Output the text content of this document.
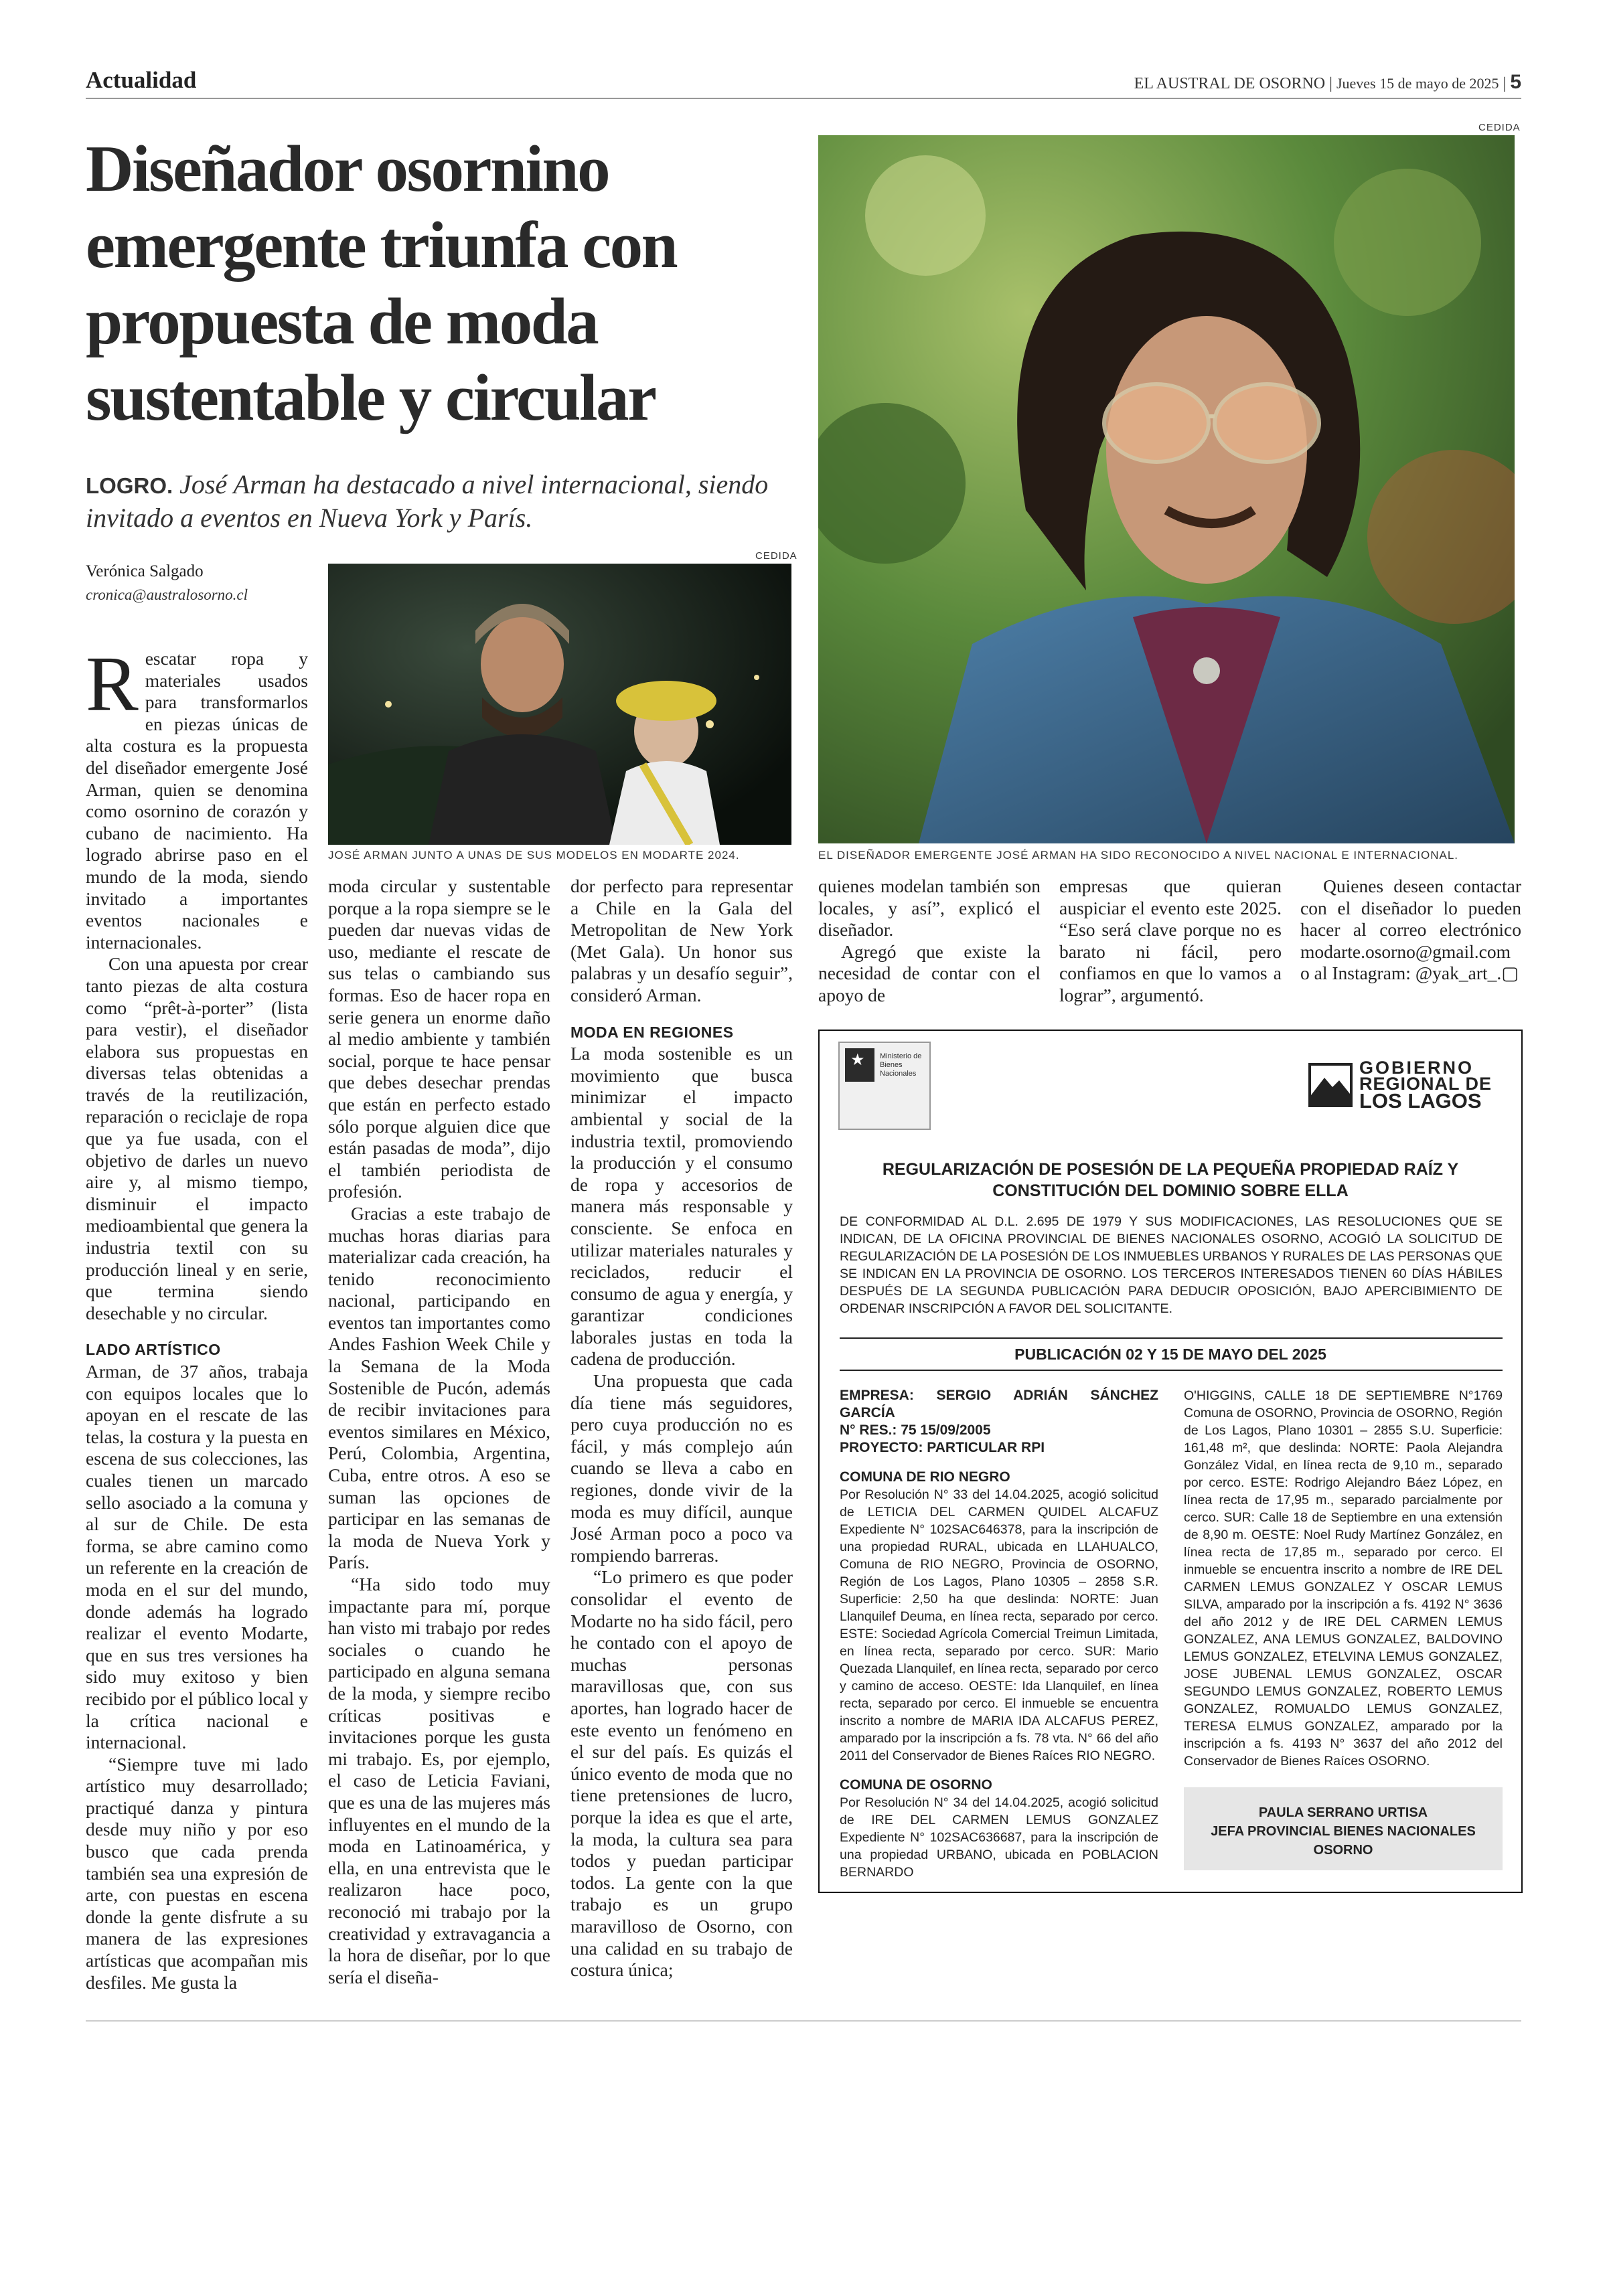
Actualidad	EL AUSTRAL DE OSORNO | Jueves 15 de mayo de 2025 | 5
Diseñador osornino
emergente triunfa con
propuesta de moda
sustentable y circular
LOGRO. José Arman ha destacado a nivel internacional, siendo invitado a eventos en Nueva York y París.
Verónica Salgado
cronica@australosorno.cl
CEDIDA
JOSÉ ARMAN JUNTO A UNAS DE SUS MODELOS EN MODARTE 2024.
CEDIDA
EL DISEÑADOR EMERGENTE JOSÉ ARMAN HA SIDO RECONOCIDO A NIVEL NACIONAL E INTERNACIONAL.
R escatar ropa y materiales usados para transformarlos en piezas únicas de alta costura es la propuesta del diseñador emergente José Arman, quien se denomina como osornino de corazón y cubano de nacimiento. Ha logrado abrirse paso en el mundo de la moda, siendo invitado a importantes eventos nacionales e internacionales.

Con una apuesta por crear tanto piezas de alta costura como “prêt-à-porter” (lista para vestir), el diseñador elabora sus propuestas en diversas telas obtenidas a través de la reutilización, reparación o reciclaje de ropa que ya fue usada, con el objetivo de darles un nuevo aire y, al mismo tiempo, disminuir el impacto medioambiental que genera la industria textil con su producción lineal y en serie, que termina siendo desechable y no circular.

LADO ARTÍSTICO

Arman, de 37 años, trabaja con equipos locales que lo apoyan en el rescate de las telas, la costura y la puesta en escena de sus colecciones, las cuales tienen un marcado sello asociado a la comuna y al sur de Chile. De esta forma, se abre camino como un referente en la creación de moda en el sur del mundo, donde además ha logrado realizar el evento Modarte, que en sus tres versiones ha sido muy exitoso y bien recibido por el público local y la crítica nacional e internacional.

“Siempre tuve mi lado artístico muy desarrollado; practiqué danza y pintura desde muy niño y por eso busco que cada prenda también sea una expresión de arte, con puestas en escena donde la gente disfrute a su manera de las expresiones artísticas que acompañan mis desfiles. Me gusta la

moda circular y sustentable porque a la ropa siempre se le pueden dar nuevas vidas de uso, mediante el rescate de sus telas o cambiando sus formas. Eso de hacer ropa en serie genera un enorme daño al medio ambiente y también social, porque te hace pensar que debes desechar prendas que están en perfecto estado sólo porque alguien dice que están pasadas de moda”, dijo el también periodista de profesión.

Gracias a este trabajo de muchas horas diarias para materializar cada creación, ha tenido reconocimiento nacional, participando en eventos tan importantes como Andes Fashion Week Chile y la Semana de la Moda Sostenible de Pucón, además de recibir invitaciones para eventos similares en México, Perú, Colombia, Argentina, Cuba, entre otros. A eso se suman las opciones de participar en las semanas de la moda de Nueva York y París.

“Ha sido todo muy impactante para mí, porque han visto mi trabajo por redes sociales o cuando he participado en alguna semana de la moda, y siempre recibo críticas positivas e invitaciones porque les gusta mi trabajo. Es, por ejemplo, el caso de Leticia Faviani, que es una de las mujeres más influyentes en el mundo de la moda en Latinoamérica, y ella, en una entrevista que le realizaron hace poco, reconoció mi trabajo por la creatividad y extravagancia a la hora de diseñar, por lo que sería el diseña-

dor perfecto para representar a Chile en la Gala del Metropolitan de New York (Met Gala). Un honor sus palabras y un desafío seguir”, consideró Arman.

MODA EN REGIONES

La moda sostenible es un movimiento que busca minimizar el impacto ambiental y social de la industria textil, promoviendo la producción y el consumo de ropa y accesorios de manera más responsable y consciente. Se enfoca en utilizar materiales naturales y reciclados, reducir el consumo de agua y energía, y garantizar condiciones laborales justas en toda la cadena de producción.

Una propuesta que cada día tiene más seguidores, pero cuya producción no es fácil, y más complejo aún cuando se lleva a cabo en regiones, donde vivir de la moda es muy difícil, aunque José Arman poco a poco va rompiendo barreras.

“Lo primero es que poder consolidar el evento de Modarte no ha sido fácil, pero he contado con el apoyo de muchas personas maravillosas que, con sus aportes, han logrado hacer de este evento un fenómeno en el sur del país. Es quizás el único evento de moda que no tiene pretensiones de lucro, porque la idea es que el arte, la moda, la cultura sea para todos y puedan participar todos. La gente con la que trabajo es un grupo maravilloso de Osorno, con una calidad en su trabajo de costura única;

quienes modelan también son locales, y así”, explicó el diseñador.

Agregó que existe la necesidad de contar con el apoyo de

empresas que quieran auspiciar el evento este 2025. “Eso será clave porque no es barato ni fácil, pero confiamos en que lo vamos a lograr”, argumentó.

Quienes deseen contactar con el diseñador lo pueden hacer al correo electrónico modarte.osorno@gmail.com o al Instagram: @yak_art_.▢

★ Ministerio de Bienes Nacionales	GOBIERNO
REGIONAL DE
LOS LAGOS
REGULARIZACIÓN DE POSESIÓN DE LA PEQUEÑA PROPIEDAD RAÍZ Y
CONSTITUCIÓN DEL DOMINIO SOBRE ELLA
DE CONFORMIDAD AL D.L. 2.695 DE 1979 Y SUS MODIFICACIONES, LAS RESOLUCIONES QUE SE INDICAN, DE LA OFICINA PROVINCIAL DE BIENES NACIONALES OSORNO, ACOGIÓ LA SOLICITUD DE REGULARIZACIÓN DE LA POSESIÓN DE LOS INMUEBLES URBANOS Y RURALES DE LAS PERSONAS QUE SE INDICAN EN LA PROVINCIA DE OSORNO. LOS TERCEROS INTERESADOS TIENEN 60 DÍAS HÁBILES DESPUÉS DE LA SEGUNDA PUBLICACIÓN PARA DEDUCIR OPOSICIÓN, BAJO APERCIBIMIENTO DE ORDENAR INSCRIPCIÓN A FAVOR DEL SOLICITANTE.
PUBLICACIÓN 02 Y 15 DE MAYO DEL 2025

EMPRESA: SERGIO ADRIÁN SÁNCHEZ GARCÍA

N° RES.: 75 15/09/2005

PROYECTO: PARTICULAR RPI

COMUNA DE RIO NEGRO

Por Resolución N° 33 del 14.04.2025, acogió solicitud de LETICIA DEL CARMEN QUIDEL ALCAFUZ Expediente N° 102SAC646378, para la inscripción de una propiedad RURAL, ubicada en LLAHUALCO, Comuna de RIO NEGRO, Provincia de OSORNO, Región de Los Lagos, Plano 10305 – 2858 S.R. Superficie: 2,50 ha que deslinda: NORTE: Juan Llanquilef Deuma, en línea recta, separado por cerco. ESTE: Sociedad Agrícola Comercial Treimun Limitada, en línea recta, separado por cerco. SUR: Mario Quezada Llanquilef, en línea recta, separado por cerco y camino de acceso. OESTE: Ida Llanquilef, en línea recta, separado por cerco. El inmueble se encuentra inscrito a nombre de MARIA IDA ALCAFUS PEREZ, amparado por la inscripción a fs. 78 vta. N° 66 del año 2011 del Conservador de Bienes Raíces RIO NEGRO.

COMUNA DE OSORNO

Por Resolución N° 34 del 14.04.2025, acogió solicitud de IRE DEL CARMEN LEMUS GONZALEZ Expediente N° 102SAC636687, para la inscripción de una propiedad URBANO, ubicada en POBLACION BERNARDO

O'HIGGINS, CALLE 18 DE SEPTIEMBRE N°1769 Comuna de OSORNO, Provincia de OSORNO, Región de Los Lagos, Plano 10301 – 2855 S.U. Superficie: 161,48 m², que deslinda: NORTE: Paola Alejandra González Vidal, en línea recta de 9,10 m., separado por cerco. ESTE: Rodrigo Alejandro Báez López, en línea recta de 17,95 m., separado parcialmente por cerco. SUR: Calle 18 de Septiembre en una extensión de 8,90 m. OESTE: Noel Rudy Martínez González, en línea recta de 17,85 m., separado por cerco. El inmueble se encuentra inscrito a nombre de IRE DEL CARMEN LEMUS GONZALEZ Y OSCAR LEMUS SILVA, amparado por la inscripción a fs. 4192 N° 3636 del año 2012 y de IRE DEL CARMEN LEMUS GONZALEZ, ANA LEMUS GONZALEZ, BALDOVINO LEMUS GONZALEZ, ETELVINA LEMUS GONZALEZ, JOSE JUBENAL LEMUS GONZALEZ, OSCAR SEGUNDO LEMUS GONZALEZ, ROBERTO LEMUS GONZALEZ, ROMUALDO LEMUS GONZALEZ, TERESA ELMUS GONZALEZ, amparado por la inscripción a fs. 4193 N° 3637 del año 2012 del Conservador de Bienes Raíces OSORNO.

PAULA SERRANO URTISA
JEFA PROVINCIAL BIENES NACIONALES
OSORNO
